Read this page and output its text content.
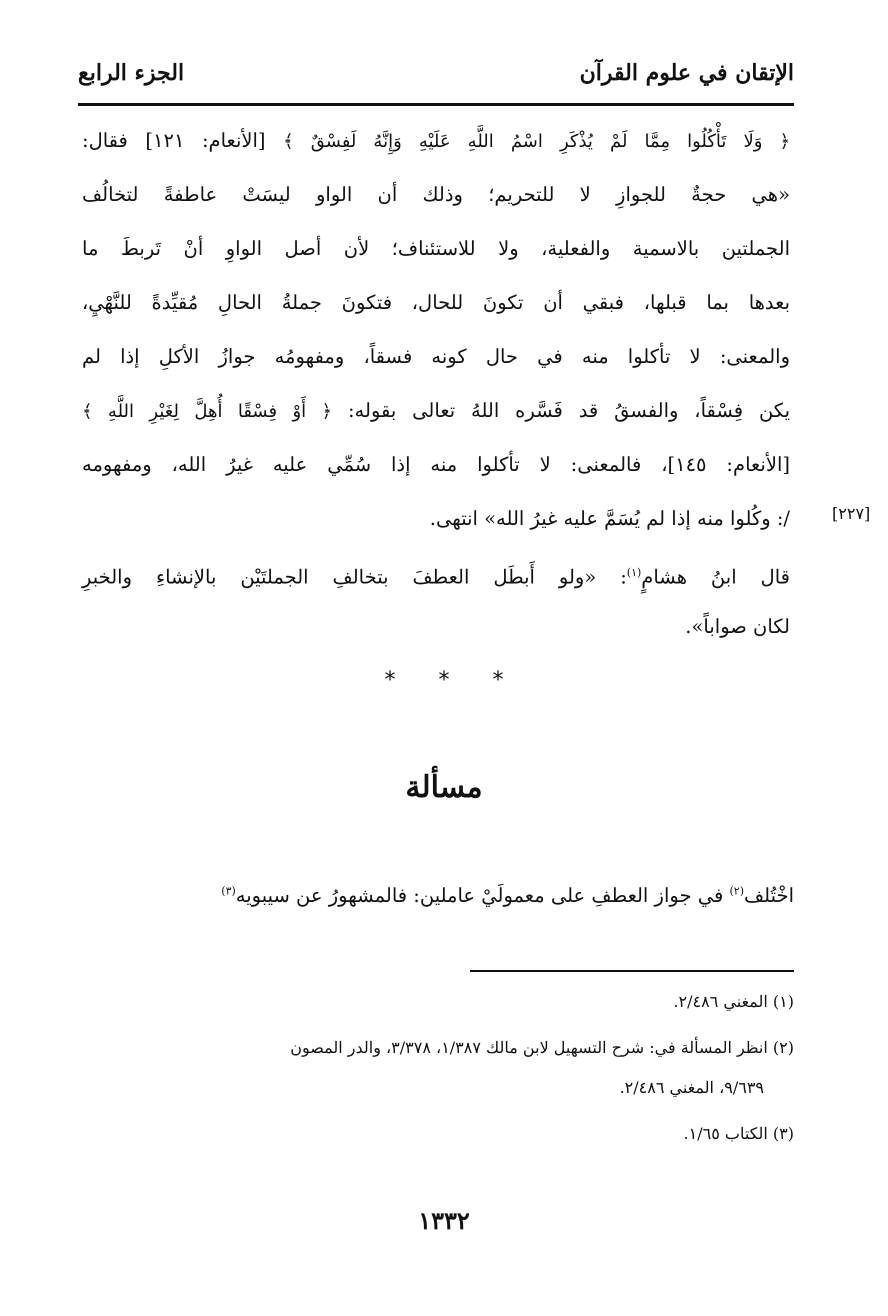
الإتقان في علوم القرآن
الجزء الرابع
﴿ وَلَا تَأْكُلُوا مِمَّا لَمْ يُذْكَرِ اسْمُ اللَّهِ عَلَيْهِ وَإِنَّهُ لَفِسْقٌ ﴾ [الأنعام: ١٢١] فقال:
«هي حجةٌ للجوازِ لا للتحريم؛ وذلك أن الواو ليسَتْ عاطفةً لتخالُف
الجملتين بالاسمية والفعلية، ولا للاستئناف؛ لأن أصل الواوِ أنْ تَربطَ ما
بعدها بما قبلها، فبقي أن تكونَ للحال، فتكونَ جملةُ الحالِ مُقيِّدةً للنَّهْيِ،
والمعنى: لا تأكلوا منه في حال كونه فسقاً، ومفهومُه جوازُ الأكلِ إذا لم
يكن فِسْقاً، والفسقُ قد فَسَّره اللهُ تعالى بقوله: ﴿ أَوْ فِسْقًا أُهِلَّ لِغَيْرِ اللَّهِ ﴾
[الأنعام: ١٤٥]، فالمعنى: لا تأكلوا منه إذا سُمِّي عليه غيرُ الله، ومفهومه
/: وكُلوا منه إذا لم يُسَمَّ عليه غيرُ الله» انتهى.	[٢٢٧]
قال ابنُ هشامٍ$^{(١)}$: «ولو أَبطَل العطفَ بتخالفِ الجملتَيْن بالإنشاءِ والخبرِ
لكان صواباً».
* * *
مسألة
اخْتُلف$^{(٢)}$ في جواز العطفِ على معمولَيْ عاملين: فالمشهورُ عن سيبويه$^{(٣)}$
(١) المغني ٢/٤٨٦.
(٢) انظر المسألة في: شرح التسهيل لابن مالك ١/٣٨٧، ٣/٣٧٨، والدر المصون
٩/٦٣٩، المغني ٢/٤٨٦.
(٣) الكتاب ١/٦٥.
١٣٣٢
